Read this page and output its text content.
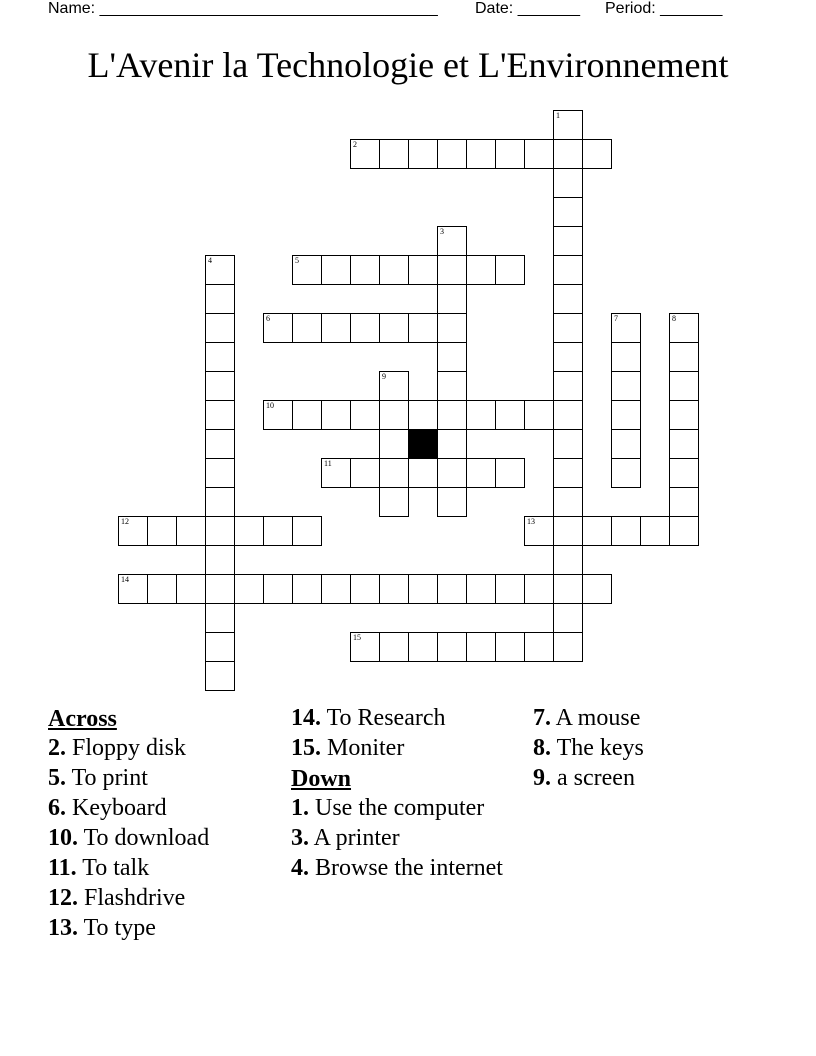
Name: ______________________________________ Date: _______ Period: _______
L'Avenir la Technologie et L'Environnement
1
2
3
4	5
6	7	8
9
10
11
12	13
14
15
Across
2. Floppy disk
5. To print
6. Keyboard
10. To download
11. To talk
12. Flashdrive
13. To type
14. To Research
15. Moniter
Down
1. Use the computer
3. A printer
4. Browse the internet
7. A mouse
8. The keys
9. a screen
